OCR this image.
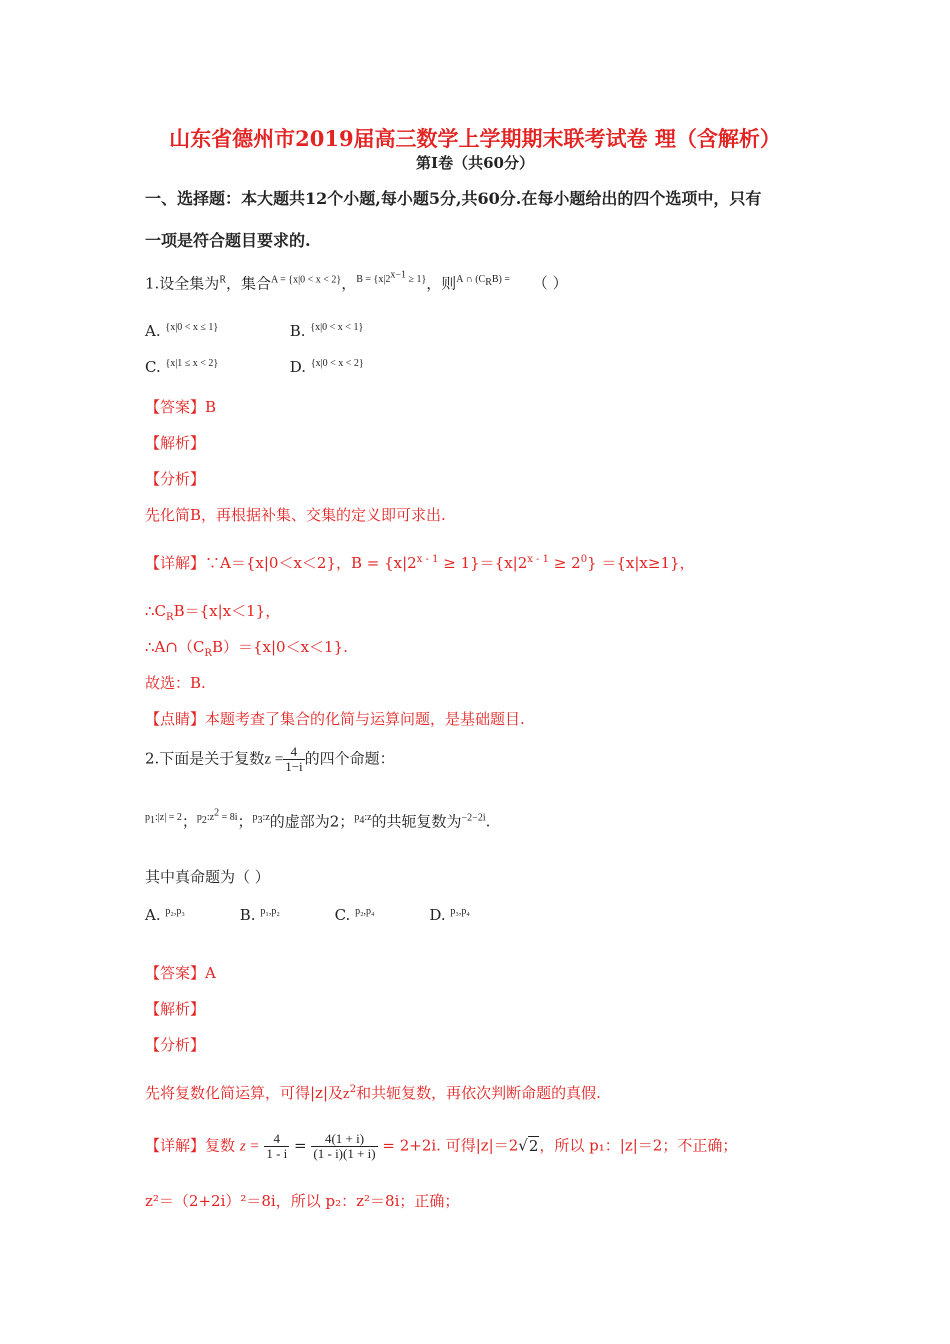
山东省德州市2019届高三数学上学期期末联考试卷 理（含解析）
第Ⅰ卷（共60分）
一、选择题：本大题共12个小题,每小题5分,共60分.在每小题给出的四个选项中，只有
一项是符合题目要求的.
1.设全集为$^R$，集合$^{A = \{x|0 < x < 2\}}$，$^{B = \{x|2^{x-1} \ge 1\}}$，则$^{A \cap (C_RB) =}$ （ ）
A. $^{\{x|0 < x \le 1\}}$	B. $^{\{x|0 < x < 1\}}$
C. $^{\{x|1 \le x < 2\}}$	D. $^{\{x|0 < x < 2\}}$
【答案】B
【解析】
【分析】
先化简B，再根据补集、交集的定义即可求出.
【详解】∵A＝{x|0＜x＜2}，$B = \{x|2^{x - 1} \ge 1\}=\{x|2^{x - 1} \ge 2^0\} =\{x|x\ge 1\}$，
$\therefore C_RB=\{x|x<1\}$，
$\therefore A\cap(C_RB)=\{x|0<x<1\}$.
故选：B.
【点睛】本题考查了集合的化简与运算问题，是基础题目.
2.下面是关于复数$z = \frac{4}{1-i}$ 的四个命题：
$^{p_1:|z| = 2}$；$^{p_2:z^2 = 8i}$；$^{p_3:z}$的虚部为2；$^{p_4:z}$的共轭复数为$^{-2-2i}$.
其中真命题为（ ）
A. $^{p_2,p_3}$	B. $^{p_1,p_2}$	C. $^{p_2,p_4}$	D. $^{p_3,p_4}$
【答案】A
【解析】
【分析】
先将复数化简运算，可得|z|及$z^2$和共轭复数，再依次判断命题的真假.
【详解】复数 $z = \frac{4}{1 - i} = \frac{4(1 + i)}{(1 - i)(1 + i)} = 2+2i$. 可得|z|＝2√2，所以 p₁：|z|＝2；不正确；
z²＝（2+2i）²＝8i，所以 p₂：z²＝8i；正确；
